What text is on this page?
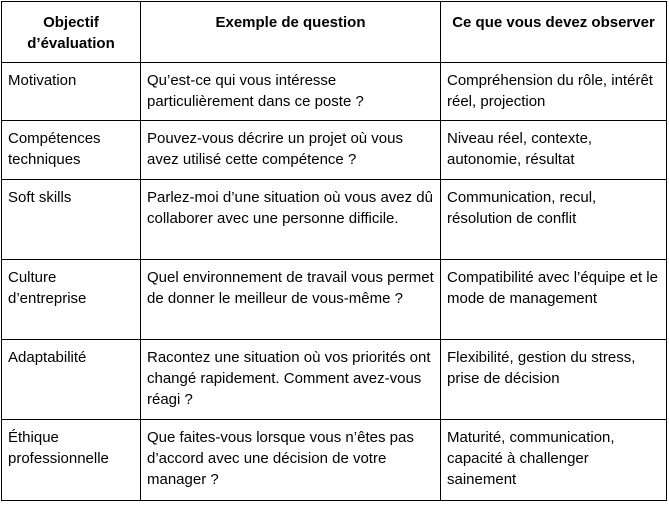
Objectif d’évaluation	Exemple de question	Ce que vous devez observer
Motivation	Qu’est-ce qui vous intéresse particulièrement dans ce poste ?	Compréhension du rôle, intérêt réel, projection
Compétences techniques	Pouvez-vous décrire un projet où vous avez utilisé cette compétence ?	Niveau réel, contexte, autonomie, résultat
Soft skills	Parlez-moi d’une situation où vous avez dû collaborer avec une personne difficile.	Communication, recul, résolution de conflit
Culture d’entreprise	Quel environnement de travail vous permet de donner le meilleur de vous-même ?	Compatibilité avec l’équipe et le mode de management
Adaptabilité	Racontez une situation où vos priorités ont changé rapidement. Comment avez-vous réagi ?	Flexibilité, gestion du stress, prise de décision
Éthique professionnelle	Que faites-vous lorsque vous n’êtes pas d’accord avec une décision de votre manager ?	Maturité, communication, capacité à challenger sainement
